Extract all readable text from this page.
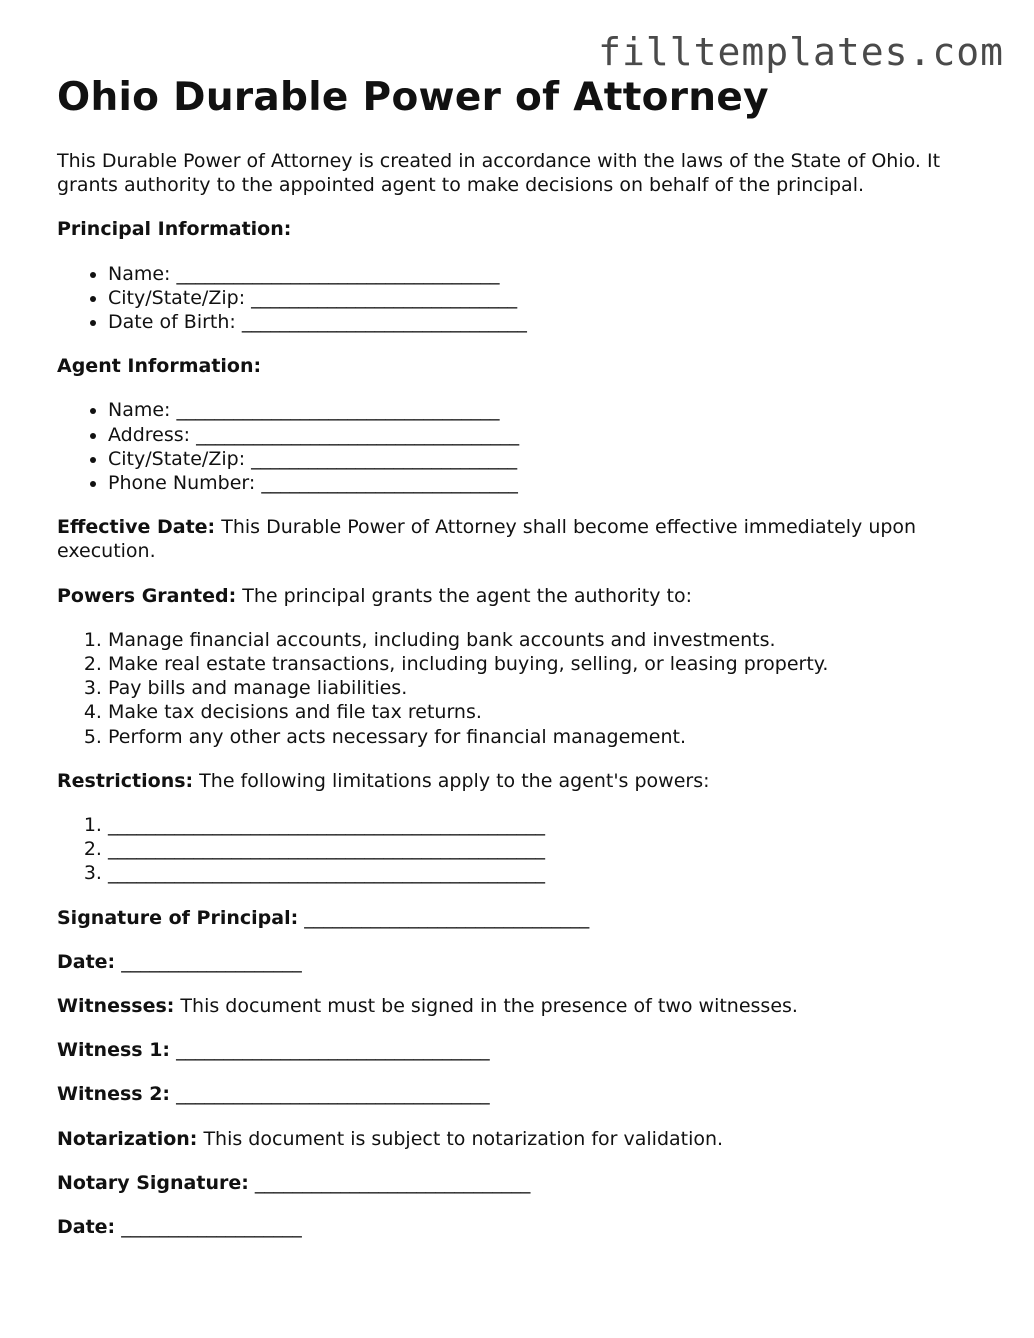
filltemplates.com
Ohio Durable Power of Attorney

This Durable Power of Attorney is created in accordance with the laws of the State of Ohio. It grants authority to the appointed agent to make decisions on behalf of the principal.

Principal Information:
• Name: __________________________________
• City/State/Zip: ____________________________
• Date of Birth: ______________________________
Agent Information:
• Name: __________________________________
• Address: __________________________________
• City/State/Zip: ____________________________
• Phone Number: ___________________________

Effective Date: This Durable Power of Attorney shall become effective immediately upon execution.

Powers Granted: The principal grants the agent the authority to:

1. Manage financial accounts, including bank accounts and investments.
2. Make real estate transactions, including buying, selling, or leasing property.
3. Pay bills and manage liabilities.
4. Make tax decisions and file tax returns.
5. Perform any other acts necessary for financial management.

Restrictions: The following limitations apply to the agent's powers:

1. ______________________________________________
2. ______________________________________________
3. ______________________________________________

Signature of Principal: ______________________________

Date: ___________________

Witnesses: This document must be signed in the presence of two witnesses.

Witness 1: _________________________________

Witness 2: _________________________________

Notarization: This document is subject to notarization for validation.

Notary Signature: _____________________________

Date: ___________________
